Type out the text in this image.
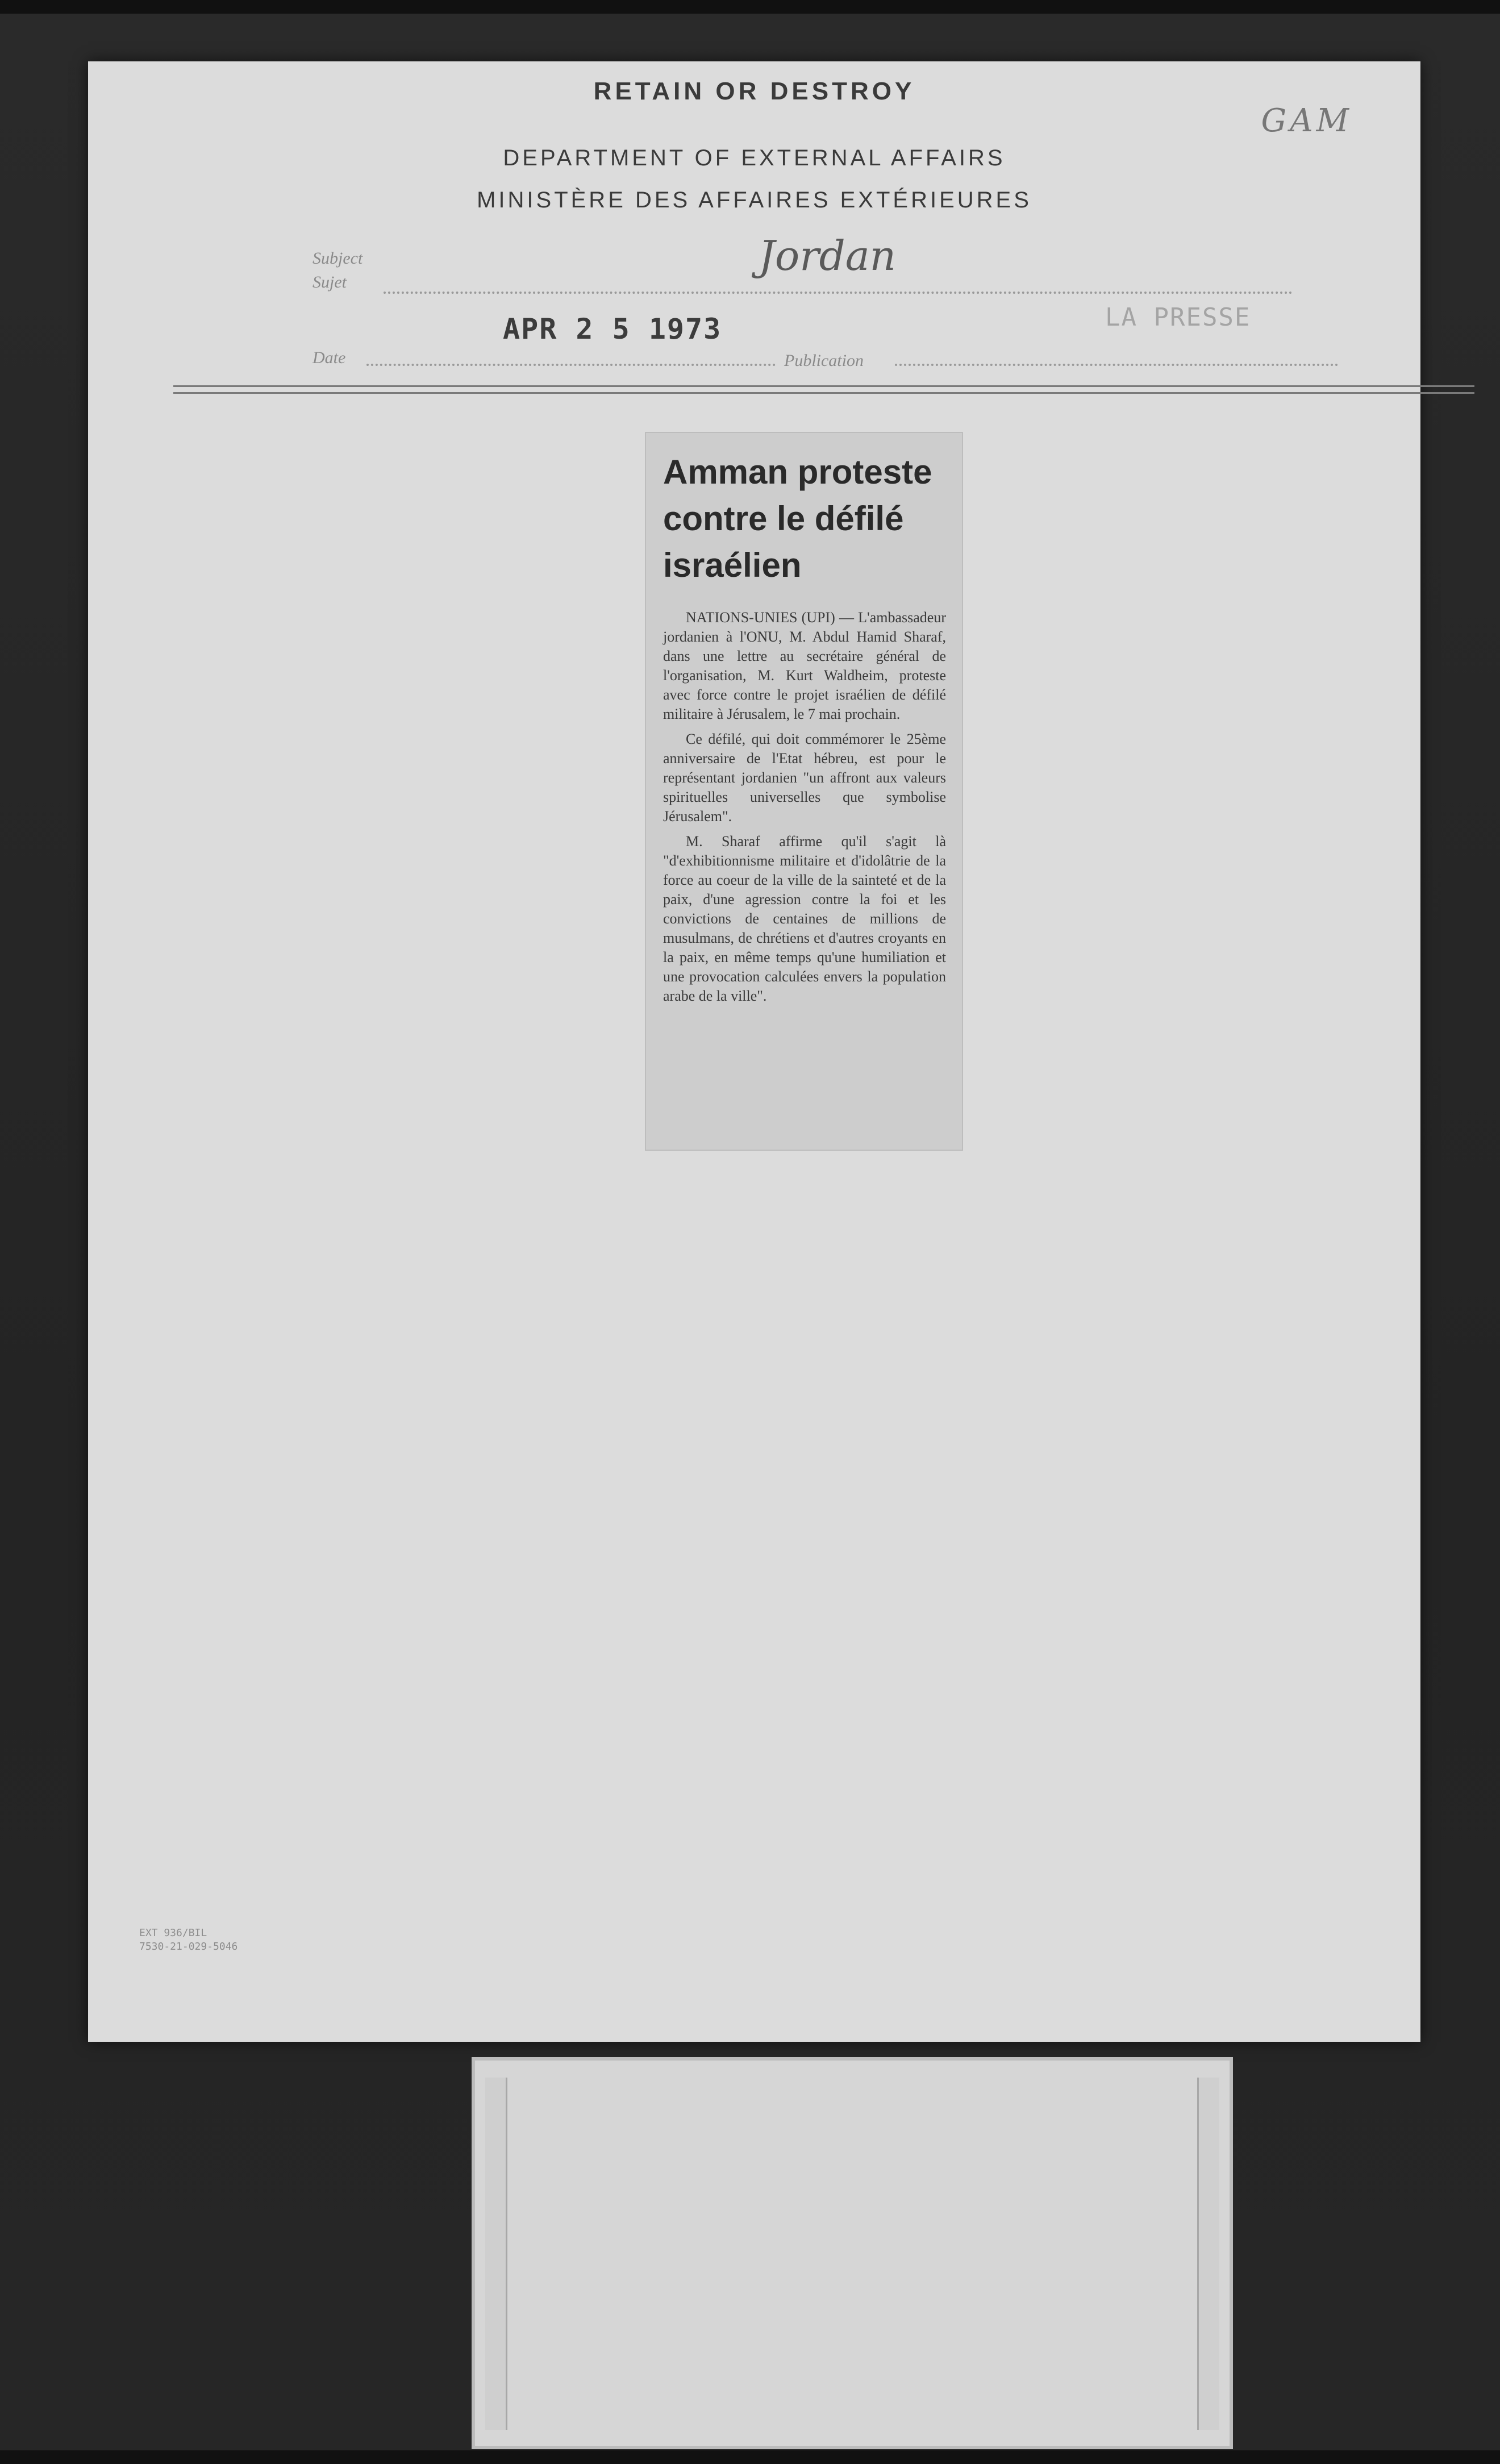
RETAIN OR DESTROY
DEPARTMENT OF EXTERNAL AFFAIRS
MINISTÈRE DES AFFAIRES EXTÉRIEURES
GAM
Subject
Sujet
Jordan
APR 2 5 1973	LA PRESSE
Date	Publication
EXT 936/BIL
7530-21-029-5046
Amman proteste contre le défilé israélien

NATIONS-UNIES (UPI) — L'ambassadeur jordanien à l'ONU, M. Abdul Hamid Sharaf, dans une lettre au secrétaire général de l'organisation, M. Kurt Waldheim, proteste avec force contre le projet israélien de défilé militaire à Jérusalem, le 7 mai prochain.

Ce défilé, qui doit commémorer le 25ème anniversaire de l'Etat hébreu, est pour le représentant jordanien "un affront aux valeurs spirituelles universelles que symbolise Jérusalem".

M. Sharaf affirme qu'il s'agit là "d'exhibitionnisme militaire et d'idolâtrie de la force au coeur de la ville de la sainteté et de la paix, d'une agression contre la foi et les convictions de centaines de millions de musulmans, de chrétiens et d'autres croyants en la paix, en même temps qu'une humiliation et une provocation calculées envers la population arabe de la ville".
